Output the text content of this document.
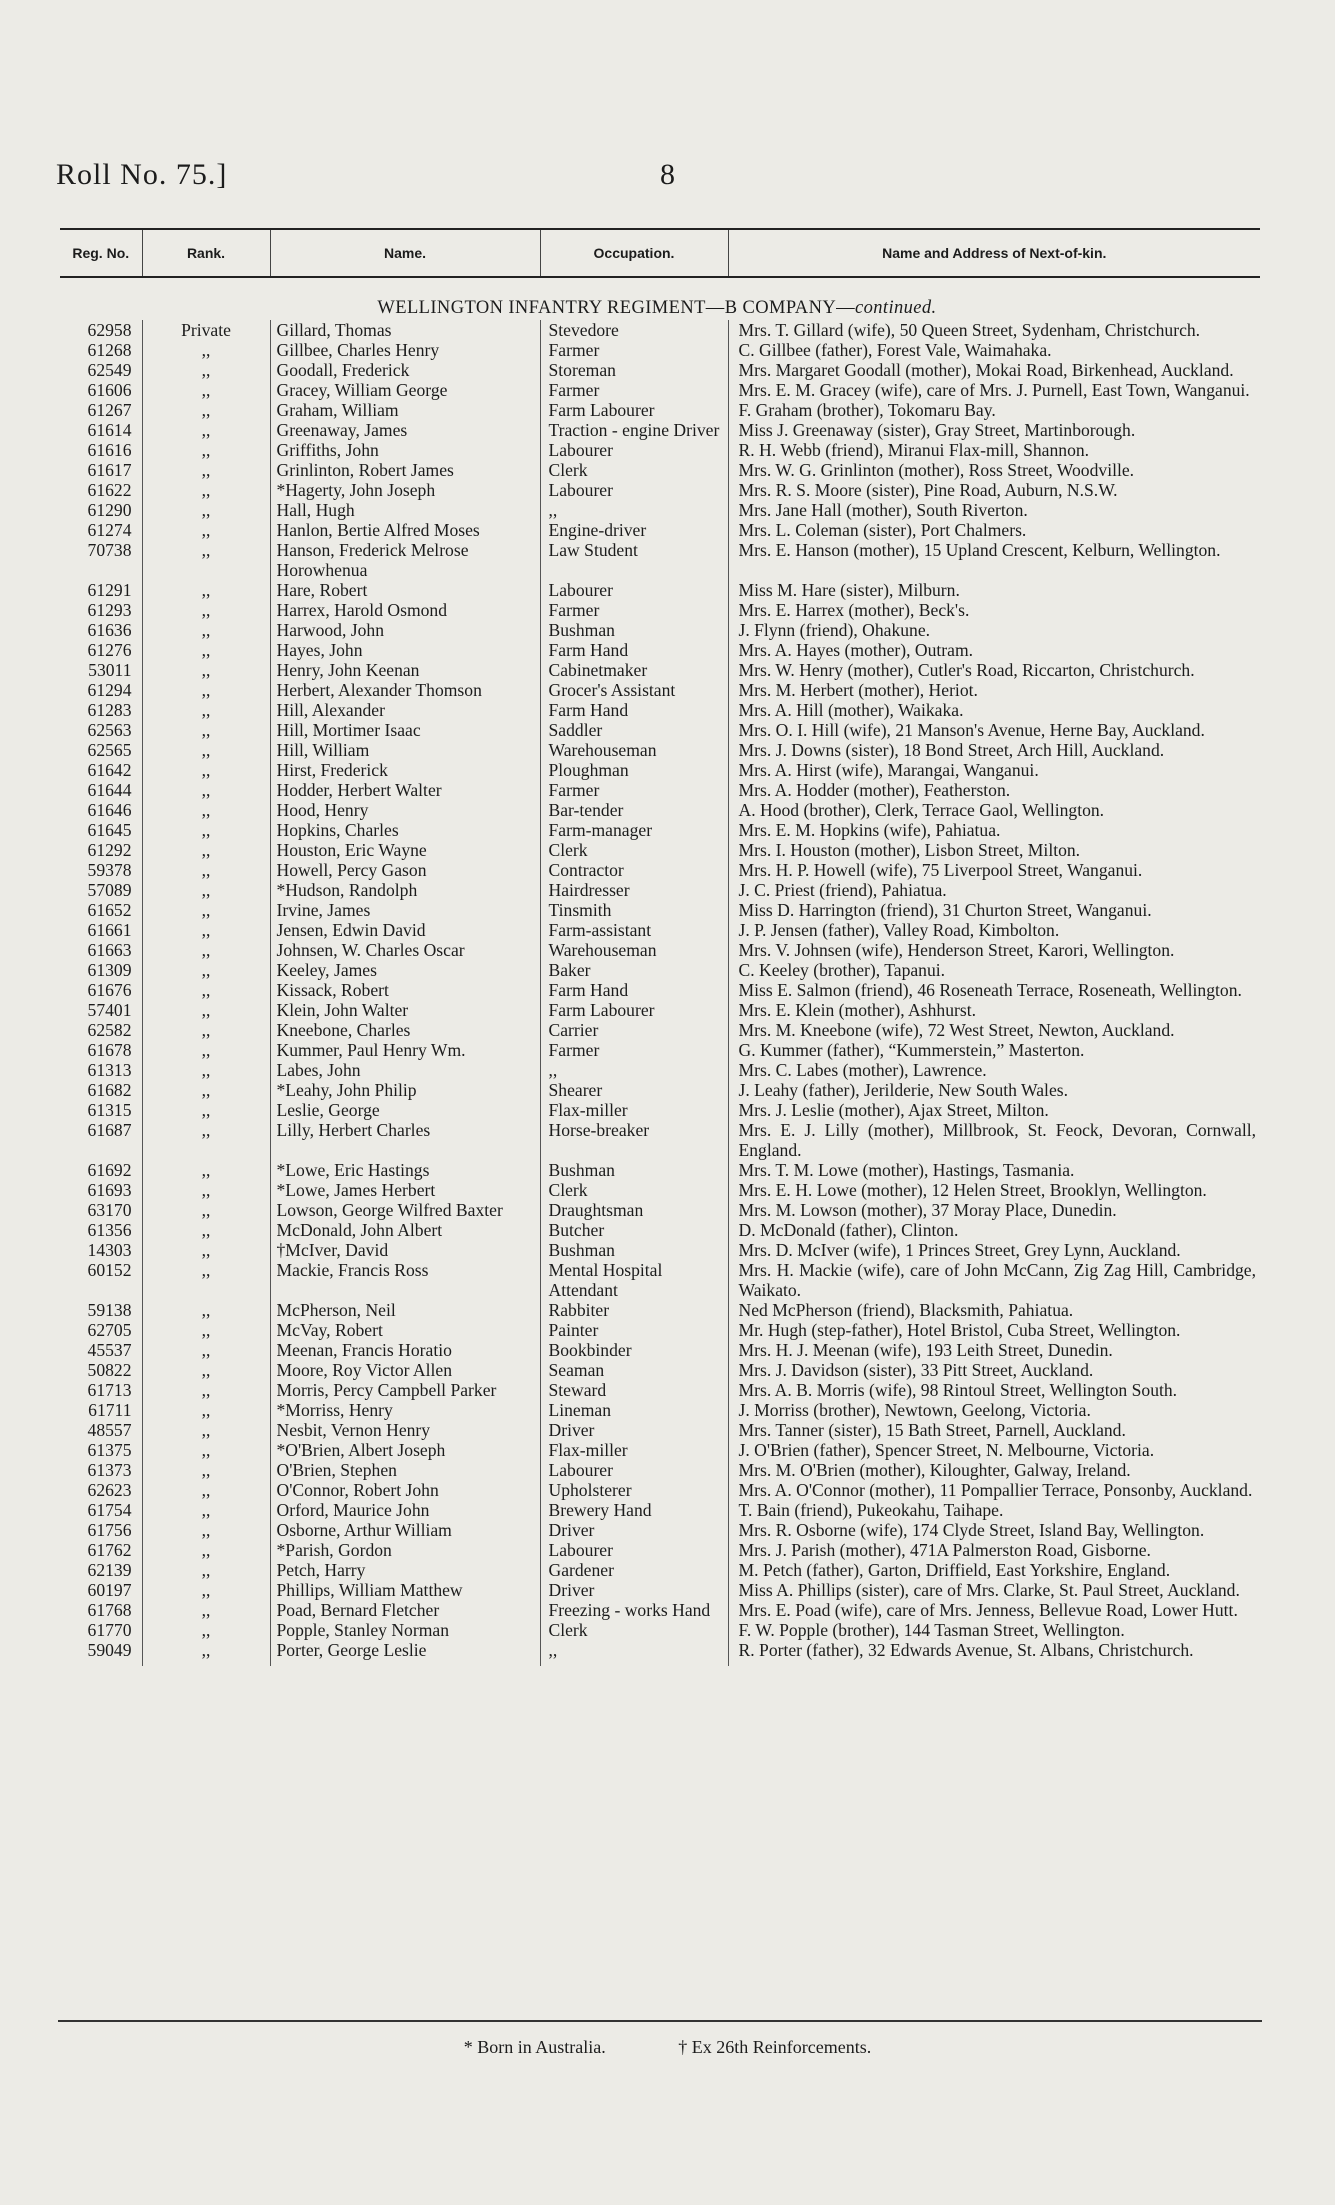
Roll No. 75.]	8
Reg. No.	Rank.	Name.	Occupation.	Name and Address of Next-of-kin.
WELLINGTON INFANTRY REGIMENT—B COMPANY—continued.				
62958	Private	Gillard, Thomas	Stevedore	Mrs. T. Gillard (wife), 50 Queen Street, Sydenham, Christchurch.
61268	,,	Gillbee, Charles Henry	Farmer	C. Gillbee (father), Forest Vale, Waimahaka.
62549	,,	Goodall, Frederick	Storeman	Mrs. Margaret Goodall (mother), Mokai Road, Birkenhead, Auckland.
61606	,,	Gracey, William George	Farmer	Mrs. E. M. Gracey (wife), care of Mrs. J. Purnell, East Town, Wanganui.
61267	,,	Graham, William	Farm Labourer	F. Graham (brother), Tokomaru Bay.
61614	,,	Greenaway, James	Traction - engine Driver	Miss J. Greenaway (sister), Gray Street, Martinborough.
61616	,,	Griffiths, John	Labourer	R. H. Webb (friend), Miranui Flax-mill, Shannon.
61617	,,	Grinlinton, Robert James	Clerk	Mrs. W. G. Grinlinton (mother), Ross Street, Woodville.
61622	,,	*Hagerty, John Joseph	Labourer	Mrs. R. S. Moore (sister), Pine Road, Auburn, N.S.W.
61290	,,	Hall, Hugh	,,	Mrs. Jane Hall (mother), South Riverton.
61274	,,	Hanlon, Bertie Alfred Moses	Engine-driver	Mrs. L. Coleman (sister), Port Chalmers.
70738	,,	Hanson, Frederick Melrose Horowhenua	Law Student	Mrs. E. Hanson (mother), 15 Upland Crescent, Kelburn, Wellington.
61291	,,	Hare, Robert	Labourer	Miss M. Hare (sister), Milburn.
61293	,,	Harrex, Harold Osmond	Farmer	Mrs. E. Harrex (mother), Beck's.
61636	,,	Harwood, John	Bushman	J. Flynn (friend), Ohakune.
61276	,,	Hayes, John	Farm Hand	Mrs. A. Hayes (mother), Outram.
53011	,,	Henry, John Keenan	Cabinetmaker	Mrs. W. Henry (mother), Cutler's Road, Riccarton, Christchurch.
61294	,,	Herbert, Alexander Thomson	Grocer's Assistant	Mrs. M. Herbert (mother), Heriot.
61283	,,	Hill, Alexander	Farm Hand	Mrs. A. Hill (mother), Waikaka.
62563	,,	Hill, Mortimer Isaac	Saddler	Mrs. O. I. Hill (wife), 21 Manson's Avenue, Herne Bay, Auckland.
62565	,,	Hill, William	Warehouseman	Mrs. J. Downs (sister), 18 Bond Street, Arch Hill, Auckland.
61642	,,	Hirst, Frederick	Ploughman	Mrs. A. Hirst (wife), Marangai, Wanganui.
61644	,,	Hodder, Herbert Walter	Farmer	Mrs. A. Hodder (mother), Featherston.
61646	,,	Hood, Henry	Bar-tender	A. Hood (brother), Clerk, Terrace Gaol, Wellington.
61645	,,	Hopkins, Charles	Farm-manager	Mrs. E. M. Hopkins (wife), Pahiatua.
61292	,,	Houston, Eric Wayne	Clerk	Mrs. I. Houston (mother), Lisbon Street, Milton.
59378	,,	Howell, Percy Gason	Contractor	Mrs. H. P. Howell (wife), 75 Liverpool Street, Wanganui.
57089	,,	*Hudson, Randolph	Hairdresser	J. C. Priest (friend), Pahiatua.
61652	,,	Irvine, James	Tinsmith	Miss D. Harrington (friend), 31 Churton Street, Wanganui.
61661	,,	Jensen, Edwin David	Farm-assistant	J. P. Jensen (father), Valley Road, Kimbolton.
61663	,,	Johnsen, W. Charles Oscar	Warehouseman	Mrs. V. Johnsen (wife), Henderson Street, Karori, Wellington.
61309	,,	Keeley, James	Baker	C. Keeley (brother), Tapanui.
61676	,,	Kissack, Robert	Farm Hand	Miss E. Salmon (friend), 46 Roseneath Terrace, Roseneath, Wellington.
57401	,,	Klein, John Walter	Farm Labourer	Mrs. E. Klein (mother), Ashhurst.
62582	,,	Kneebone, Charles	Carrier	Mrs. M. Kneebone (wife), 72 West Street, Newton, Auckland.
61678	,,	Kummer, Paul Henry Wm.	Farmer	G. Kummer (father), “Kummerstein,” Masterton.
61313	,,	Labes, John	,,	Mrs. C. Labes (mother), Lawrence.
61682	,,	*Leahy, John Philip	Shearer	J. Leahy (father), Jerilderie, New South Wales.
61315	,,	Leslie, George	Flax-miller	Mrs. J. Leslie (mother), Ajax Street, Milton.
61687	,,	Lilly, Herbert Charles	Horse-breaker	Mrs. E. J. Lilly (mother), Millbrook, St. Feock, Devoran, Cornwall, England.
61692	,,	*Lowe, Eric Hastings	Bushman	Mrs. T. M. Lowe (mother), Hastings, Tasmania.
61693	,,	*Lowe, James Herbert	Clerk	Mrs. E. H. Lowe (mother), 12 Helen Street, Brooklyn, Wellington.
63170	,,	Lowson, George Wilfred Baxter	Draughtsman	Mrs. M. Lowson (mother), 37 Moray Place, Dunedin.
61356	,,	McDonald, John Albert	Butcher	D. McDonald (father), Clinton.
14303	,,	†McIver, David	Bushman	Mrs. D. McIver (wife), 1 Princes Street, Grey Lynn, Auckland.
60152	,,	Mackie, Francis Ross	Mental Hospital Attendant	Mrs. H. Mackie (wife), care of John McCann, Zig Zag Hill, Cambridge, Waikato.
59138	,,	McPherson, Neil	Rabbiter	Ned McPherson (friend), Blacksmith, Pahiatua.
62705	,,	McVay, Robert	Painter	Mr. Hugh (step-father), Hotel Bristol, Cuba Street, Wellington.
45537	,,	Meenan, Francis Horatio	Bookbinder	Mrs. H. J. Meenan (wife), 193 Leith Street, Dunedin.
50822	,,	Moore, Roy Victor Allen	Seaman	Mrs. J. Davidson (sister), 33 Pitt Street, Auckland.
61713	,,	Morris, Percy Campbell Parker	Steward	Mrs. A. B. Morris (wife), 98 Rintoul Street, Wellington South.
61711	,,	*Morriss, Henry	Lineman	J. Morriss (brother), Newtown, Geelong, Victoria.
48557	,,	Nesbit, Vernon Henry	Driver	Mrs. Tanner (sister), 15 Bath Street, Parnell, Auckland.
61375	,,	*O'Brien, Albert Joseph	Flax-miller	J. O'Brien (father), Spencer Street, N. Melbourne, Victoria.
61373	,,	O'Brien, Stephen	Labourer	Mrs. M. O'Brien (mother), Kiloughter, Galway, Ireland.
62623	,,	O'Connor, Robert John	Upholsterer	Mrs. A. O'Connor (mother), 11 Pompallier Terrace, Ponsonby, Auckland.
61754	,,	Orford, Maurice John	Brewery Hand	T. Bain (friend), Pukeokahu, Taihape.
61756	,,	Osborne, Arthur William	Driver	Mrs. R. Osborne (wife), 174 Clyde Street, Island Bay, Wellington.
61762	,,	*Parish, Gordon	Labourer	Mrs. J. Parish (mother), 471A Palmerston Road, Gisborne.
62139	,,	Petch, Harry	Gardener	M. Petch (father), Garton, Driffield, East Yorkshire, England.
60197	,,	Phillips, William Matthew	Driver	Miss A. Phillips (sister), care of Mrs. Clarke, St. Paul Street, Auckland.
61768	,,	Poad, Bernard Fletcher	Freezing - works Hand	Mrs. E. Poad (wife), care of Mrs. Jenness, Bellevue Road, Lower Hutt.
61770	,,	Popple, Stanley Norman	Clerk	F. W. Popple (brother), 144 Tasman Street, Wellington.
59049	,,	Porter, George Leslie	,,	R. Porter (father), 32 Edwards Avenue, St. Albans, Christchurch.
* Born in Australia.	† Ex 26th Reinforcements.
